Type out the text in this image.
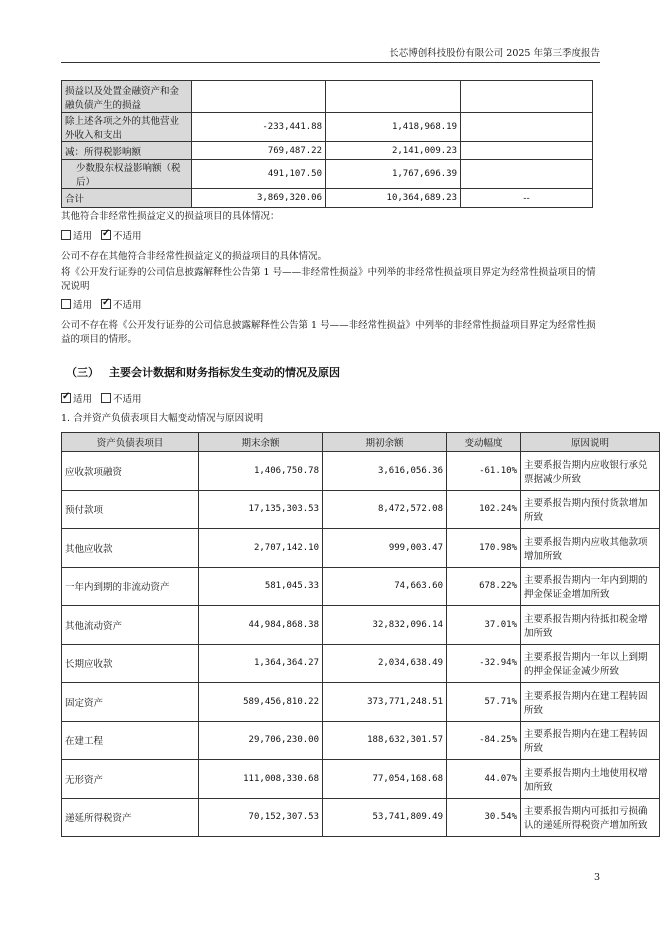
长芯博创科技股份有限公司 2025 年第三季度报告
损益以及处置金融资产和金融负债产生的损益			
除上述各项之外的其他营业外收入和支出	-233,441.88	1,418,968.19	
减：所得税影响额	769,487.22	2,141,009.23	
少数股东权益影响额（税后）	491,107.50	1,767,696.39	
合计	3,869,320.06	10,364,689.23	--
其他符合非经常性损益定义的损益项目的具体情况：
适用 ✓ 不适用
公司不存在其他符合非经常性损益定义的损益项目的具体情况。
将《公开发行证券的公司信息披露解释性公告第 1 号——非经常性损益》中列举的非经常性损益项目界定为经常性损益项目的情况说明
适用 ✓ 不适用
公司不存在将《公开发行证券的公司信息披露解释性公告第 1 号——非经常性损益》中列举的非经常性损益项目界定为经常性损益的项目的情形。
（三） 主要会计数据和财务指标发生变动的情况及原因
✓适用 不适用
1. 合并资产负债表项目大幅变动情况与原因说明
资产负债表项目	期末余额	期初余额	变动幅度	原因说明
应收款项融资	1,406,750.78	3,616,056.36	-61.10%	主要系报告期内应收银行承兑票据减少所致
预付款项	17,135,303.53	8,472,572.08	102.24%	主要系报告期内预付货款增加所致
其他应收款	2,707,142.10	999,003.47	170.98%	主要系报告期内应收其他款项增加所致
一年内到期的非流动资产	581,045.33	74,663.60	678.22%	主要系报告期内一年内到期的押金保证金增加所致
其他流动资产	44,984,868.38	32,832,096.14	37.01%	主要系报告期内待抵扣税金增加所致
长期应收款	1,364,364.27	2,034,638.49	-32.94%	主要系报告期内一年以上到期的押金保证金减少所致
固定资产	589,456,810.22	373,771,248.51	57.71%	主要系报告期内在建工程转固所致
在建工程	29,706,230.00	188,632,301.57	-84.25%	主要系报告期内在建工程转固所致
无形资产	111,008,330.68	77,054,168.68	44.07%	主要系报告期内土地使用权增加所致
递延所得税资产	70,152,307.53	53,741,809.49	30.54%	主要系报告期内可抵扣亏损确认的递延所得税资产增加所致
3
